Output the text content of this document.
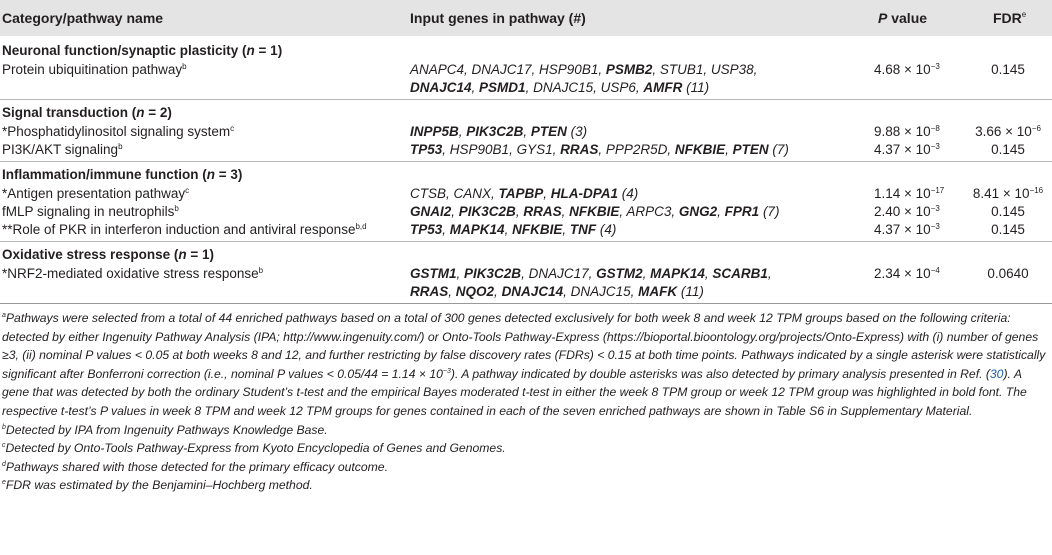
Category/pathway name	Input genes in pathway (#)	P value	FDR$^e$
Neuronal function/synaptic plasticity (n = 1)
Protein ubiquitination pathway$^b$	ANAPC4, DNAJC17, HSP90B1, PSMB2, STUB1, USP38,	$4.68 \times 10^{-3}$	0.145
DNAJC14, PSMD1, DNAJC15, USP6, AMFR (11)
Signal transduction (n = 2)
*Phosphatidylinositol signaling system$^c$	INPP5B, PIK3C2B, PTEN (3)	$9.88 \times 10^{-8}$	$3.66 \times 10^{-6}$
PI3K/AKT signaling$^b$	TP53, HSP90B1, GYS1, RRAS, PPP2R5D, NFKBIE, PTEN (7)	$4.37 \times 10^{-3}$	0.145
Inflammation/immune function (n = 3)
*Antigen presentation pathway$^c$	CTSB, CANX, TAPBP, HLA-DPA1 (4)	$1.14 \times 10^{-17}$	$8.41 \times 10^{-16}$
fMLP signaling in neutrophils$^b$	GNAI2, PIK3C2B, RRAS, NFKBIE, ARPC3, GNG2, FPR1 (7)	$2.40 \times 10^{-3}$	0.145
**Role of PKR in interferon induction and antiviral response$^{b,d}$	TP53, MAPK14, NFKBIE, TNF (4)	$4.37 \times 10^{-3}$	0.145
Oxidative stress response (n = 1)
*NRF2-mediated oxidative stress response$^b$	GSTM1, PIK3C2B, DNAJC17, GSTM2, MAPK14, SCARB1,	$2.34 \times 10^{-4}$	0.0640
RRAS, NQO2, DNAJC14, DNAJC15, MAFK (11)

$^a$Pathways were selected from a total of 44 enriched pathways based on a total of 300 genes detected exclusively for both week 8 and week 12 TPM groups based on the following criteria: detected by either Ingenuity Pathway Analysis (IPA; http://www.ingenuity.com/) or Onto-Tools Pathway-Express (https://bioportal.bioontology.org/projects/Onto-Express) with (i) number of genes ≥3, (ii) nominal P values < 0.05 at both weeks 8 and 12, and further restricting by false discovery rates (FDRs) < 0.15 at both time points. Pathways indicated by a single asterisk were statistically significant after Bonferroni correction (i.e., nominal P values < $0.05/44 = 1.14 \times 10^{-3}$). A pathway indicated by double asterisks was also detected by primary analysis presented in Ref. (30). A gene that was detected by both the ordinary Student’s t-test and the empirical Bayes moderated t-test in either the week 8 TPM group or week 12 TPM group was highlighted in bold font. The respective t-test’s P values in week 8 TPM and week 12 TPM groups for genes contained in each of the seven enriched pathways are shown in Table S6 in Supplementary Material.

$^b$Detected by IPA from Ingenuity Pathways Knowledge Base.

$^c$Detected by Onto-Tools Pathway-Express from Kyoto Encyclopedia of Genes and Genomes.

$^d$Pathways shared with those detected for the primary efficacy outcome.

$^e$FDR was estimated by the Benjamini–Hochberg method.
